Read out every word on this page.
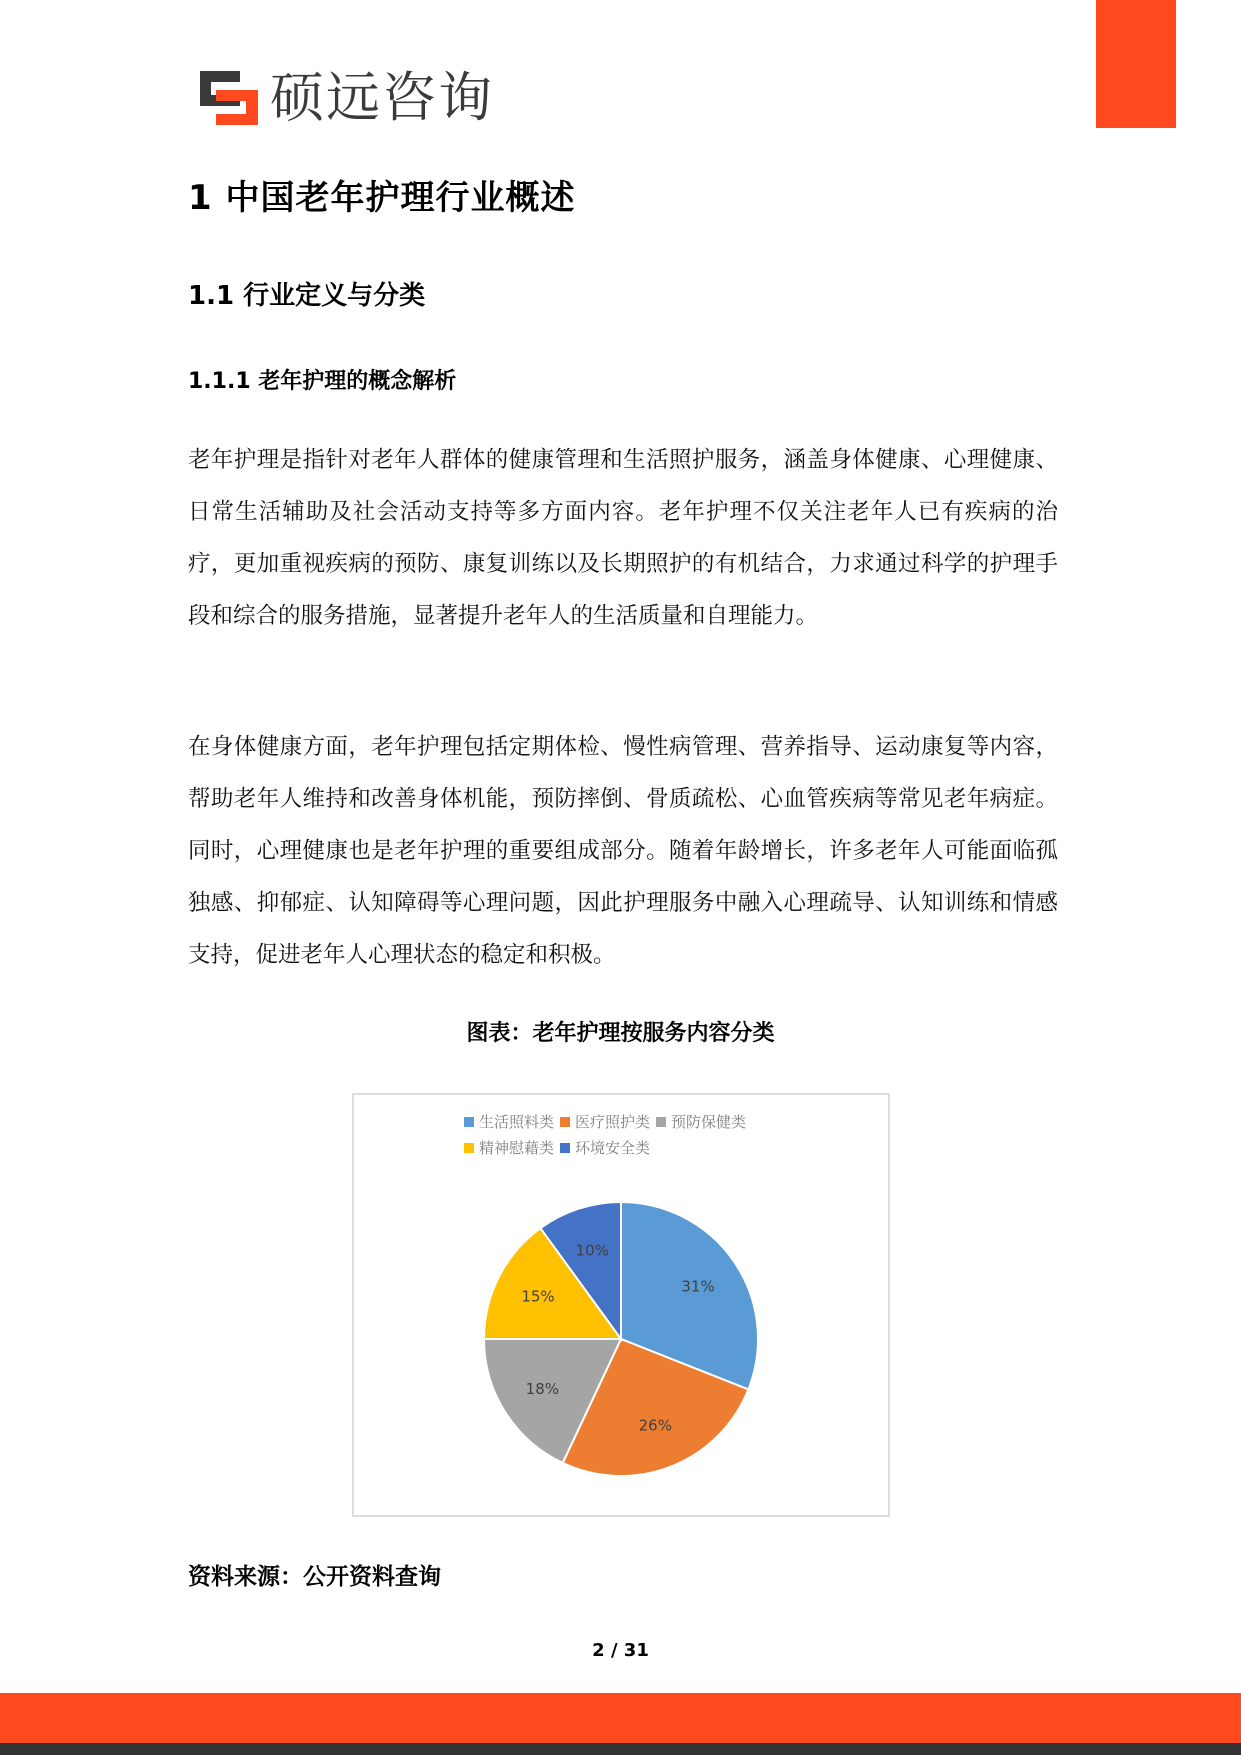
硕远咨询
1 中国老年护理行业概述
1.1 行业定义与分类
1.1.1 老年护理的概念解析
老年护理是指针对老年人群体的健康管理和生活照护服务，涵盖身体健康、心理健康、日常生活辅助及社会活动支持等多方面内容。老年护理不仅关注老年人已有疾病的治疗，更加重视疾病的预防、康复训练以及长期照护的有机结合，力求通过科学的护理手段和综合的服务措施，显著提升老年人的生活质量和自理能力。
在身体健康方面，老年护理包括定期体检、慢性病管理、营养指导、运动康复等内容，帮助老年人维持和改善身体机能，预防摔倒、骨质疏松、心血管疾病等常见老年病症。同时，心理健康也是老年护理的重要组成部分。随着年龄增长，许多老年人可能面临孤独感、抑郁症、认知障碍等心理问题，因此护理服务中融入心理疏导、认知训练和情感支持，促进老年人心理状态的稳定和积极。
图表：老年护理按服务内容分类
生活照料类 医疗照护类 预防保健类

精神慰藉类 环境安全类
31%
26%
18%
15%
10%
资料来源：公开资料查询
2 / 31
